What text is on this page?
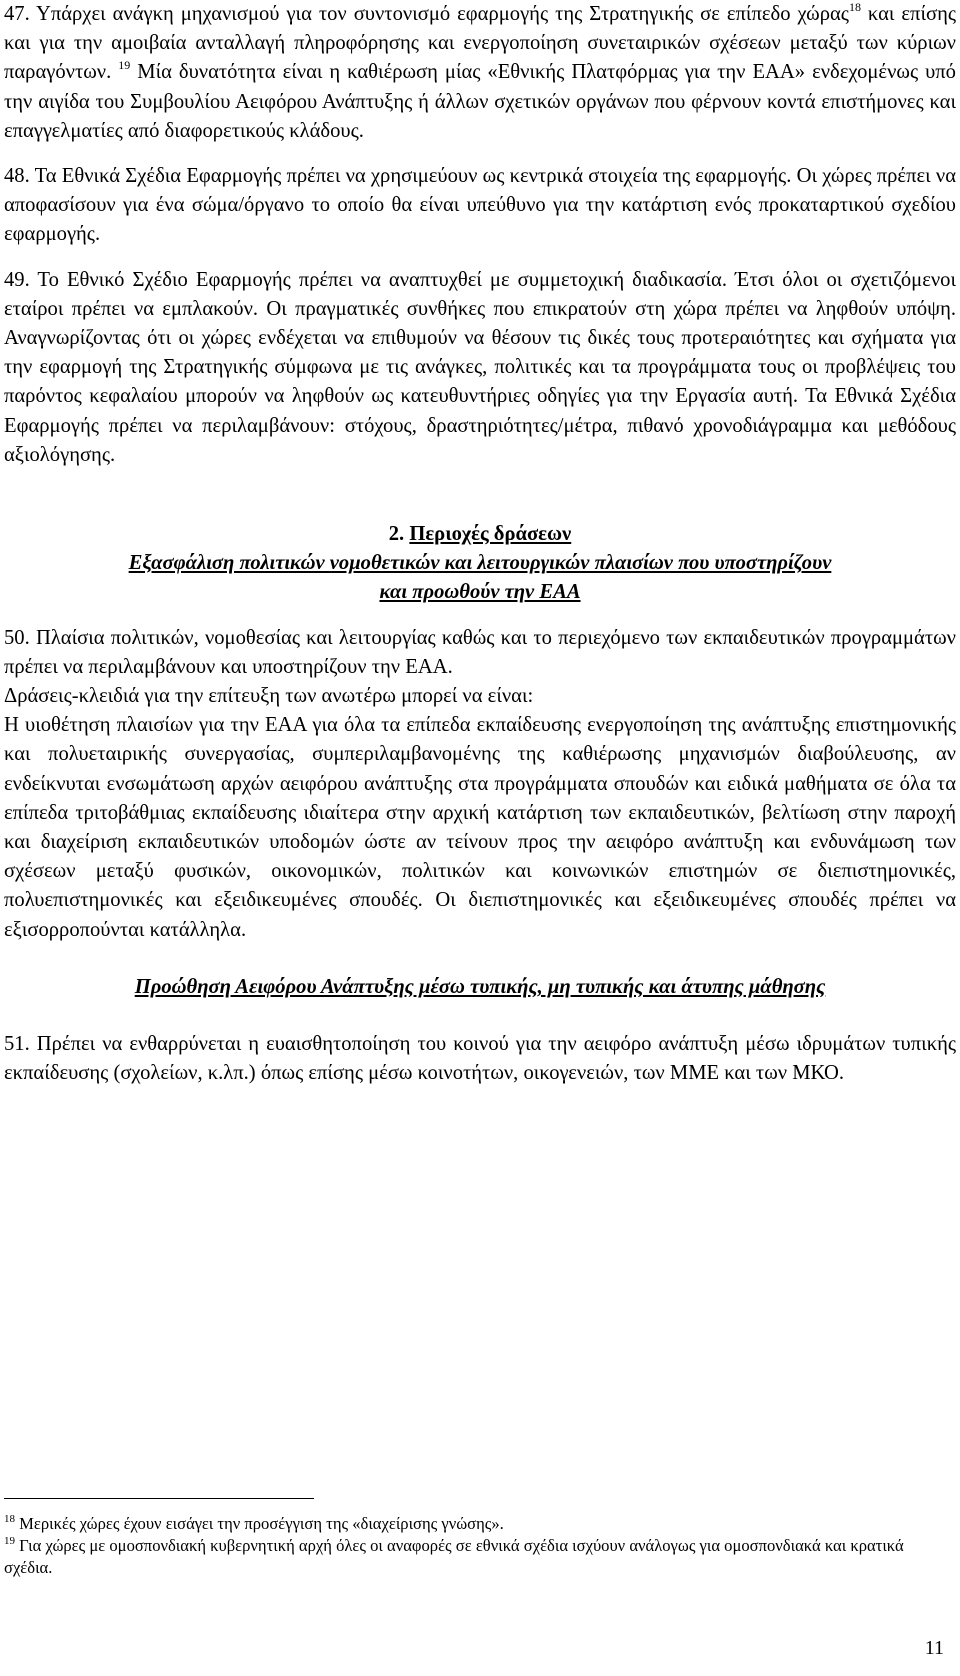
47. Υπάρχει ανάγκη μηχανισμού για τον συντονισμό εφαρμογής της Στρατηγικής σε επίπεδο χώρας$^{18}$ και επίσης και για την αμοιβαία ανταλλαγή πληροφόρησης και ενεργοποίηση συνεταιρικών σχέσεων μεταξύ των κύριων παραγόντων. $^{19}$ Μία δυνατότητα είναι η καθιέρωση μίας «Εθνικής Πλατφόρμας για την ΕΑΑ» ενδεχομένως υπό την αιγίδα του Συμβουλίου Αειφόρου Ανάπτυξης ή άλλων σχετικών οργάνων που φέρνουν κοντά επιστήμονες και επαγγελματίες από διαφορετικούς κλάδους.

48. Τα Εθνικά Σχέδια Εφαρμογής πρέπει να χρησιμεύουν ως κεντρικά στοιχεία της εφαρμογής. Οι χώρες πρέπει να αποφασίσουν για ένα σώμα/όργανο το οποίο θα είναι υπεύθυνο για την κατάρτιση ενός προκαταρτικού σχεδίου εφαρμογής.

49. Το Εθνικό Σχέδιο Εφαρμογής πρέπει να αναπτυχθεί με συμμετοχική διαδικασία. Έτσι όλοι οι σχετιζόμενοι εταίροι πρέπει να εμπλακούν. Οι πραγματικές συνθήκες που επικρατούν στη χώρα πρέπει να ληφθούν υπόψη. Αναγνωρίζοντας ότι οι χώρες ενδέχεται να επιθυμούν να θέσουν τις δικές τους προτεραιότητες και σχήματα για την εφαρμογή της Στρατηγικής σύμφωνα με τις ανάγκες, πολιτικές και τα προγράμματα τους οι προβλέψεις του παρόντος κεφαλαίου μπορούν να ληφθούν ως κατευθυντήριες οδηγίες για την Εργασία αυτή. Τα Εθνικά Σχέδια Εφαρμογής πρέπει να περιλαμβάνουν: στόχους, δραστηριότητες/μέτρα, πιθανό χρονοδιάγραμμα και μεθόδους αξιολόγησης.

2. Περιοχές δράσεων
Εξασφάλιση πολιτικών νομοθετικών και λειτουργικών πλαισίων που υποστηρίζουν
και προωθούν την ΕΑΑ

50. Πλαίσια πολιτικών, νομοθεσίας και λειτουργίας καθώς και το περιεχόμενο των εκπαιδευτικών προγραμμάτων πρέπει να περιλαμβάνουν και υποστηρίζουν την ΕΑΑ.

Δράσεις-κλειδιά για την επίτευξη των ανωτέρω μπορεί να είναι:

Η υιοθέτηση πλαισίων για την ΕΑΑ για όλα τα επίπεδα εκπαίδευσης ενεργοποίηση της ανάπτυξης επιστημονικής και πολυεταιρικής συνεργασίας, συμπεριλαμβανομένης της καθιέρωσης μηχανισμών διαβούλευσης, αν ενδείκνυται ενσωμάτωση αρχών αειφόρου ανάπτυξης στα προγράμματα σπουδών και ειδικά μαθήματα σε όλα τα επίπεδα τριτοβάθμιας εκπαίδευσης ιδιαίτερα στην αρχική κατάρτιση των εκπαιδευτικών, βελτίωση στην παροχή και διαχείριση εκπαιδευτικών υποδομών ώστε αν τείνουν προς την αειφόρο ανάπτυξη και ενδυνάμωση των σχέσεων μεταξύ φυσικών, οικονομικών, πολιτικών και κοινωνικών επιστημών σε διεπιστημονικές, πολυεπιστημονικές και εξειδικευμένες σπουδές. Οι διεπιστημονικές και εξειδικευμένες σπουδές πρέπει να εξισορροπούνται κατάλληλα.

Προώθηση Αειφόρου Ανάπτυξης μέσω τυπικής, μη τυπικής και άτυπης μάθησης

51. Πρέπει να ενθαρρύνεται η ευαισθητοποίηση του κοινού για την αειφόρο ανάπτυξη μέσω ιδρυμάτων τυπικής εκπαίδευσης (σχολείων, κ.λπ.) όπως επίσης μέσω κοινοτήτων, οικογενειών, των ΜΜΕ και των ΜΚΟ.

$^{18}$ Μερικές χώρες έχουν εισάγει την προσέγγιση της «διαχείρισης γνώσης».

$^{19}$ Για χώρες με ομοσπονδιακή κυβερνητική αρχή όλες οι αναφορές σε εθνικά σχέδια ισχύουν ανάλογως για ομοσπονδιακά και κρατικά σχέδια.

11
